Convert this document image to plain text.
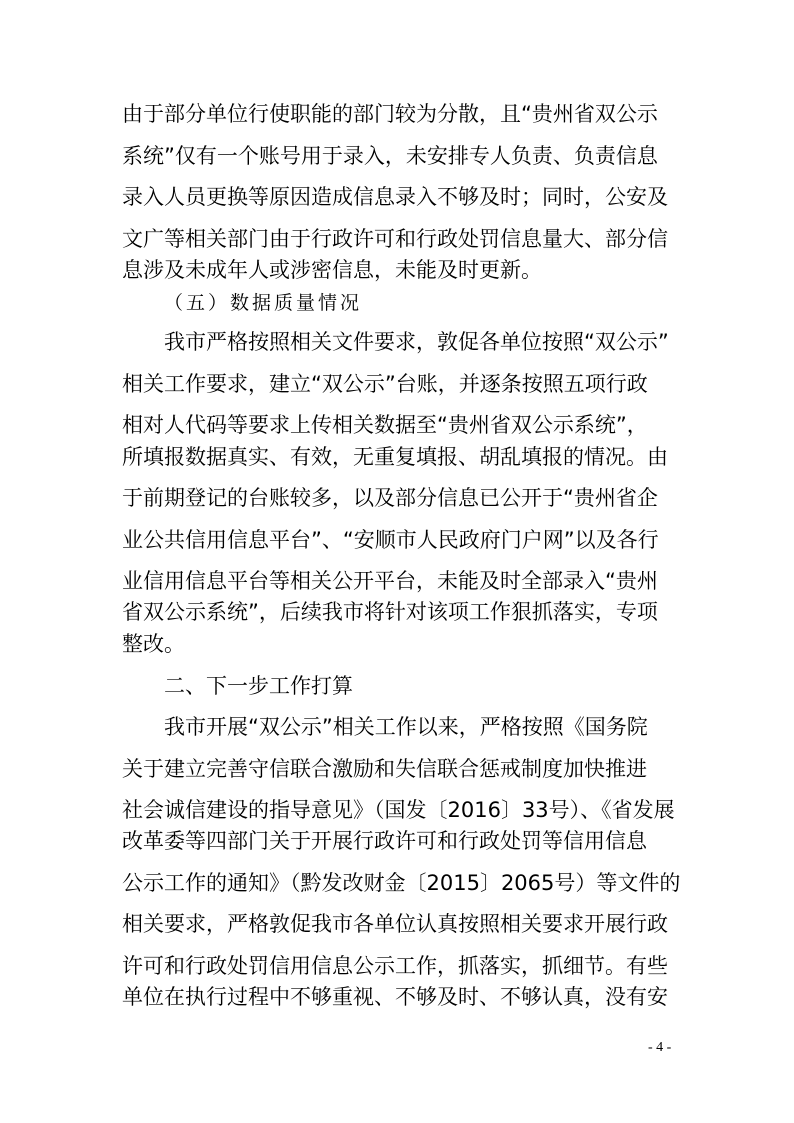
由于部分单位行使职能的部门较为分散，且“贵州省双公示
系统”仅有一个账号用于录入，未安排专人负责、负责信息
录入人员更换等原因造成信息录入不够及时；同时，公安及
文广等相关部门由于行政许可和行政处罚信息量大、部分信
息涉及未成年人或涉密信息，未能及时更新。
（五）数据质量情况
我市严格按照相关文件要求，敦促各单位按照“双公示”
相关工作要求，建立“双公示”台账，并逐条按照五项行政
相对人代码等要求上传相关数据至“贵州省双公示系统”，
所填报数据真实、有效，无重复填报、胡乱填报的情况。由
于前期登记的台账较多，以及部分信息已公开于“贵州省企
业公共信用信息平台”、“安顺市人民政府门户网”以及各行
业信用信息平台等相关公开平台，未能及时全部录入“贵州
省双公示系统”，后续我市将针对该项工作狠抓落实，专项
整改。
二、下一步工作打算
我市开展“双公示”相关工作以来，严格按照《国务院
关于建立完善守信联合激励和失信联合惩戒制度加快推进
社会诚信建设的指导意见》（国发〔2016〕33号）、《省发展
改革委等四部门关于开展行政许可和行政处罚等信用信息
公示工作的通知》（黔发改财金〔2015〕2065号）等文件的
相关要求，严格敦促我市各单位认真按照相关要求开展行政
许可和行政处罚信用信息公示工作，抓落实，抓细节。有些
单位在执行过程中不够重视、不够及时、不够认真，没有安
- 4 -
